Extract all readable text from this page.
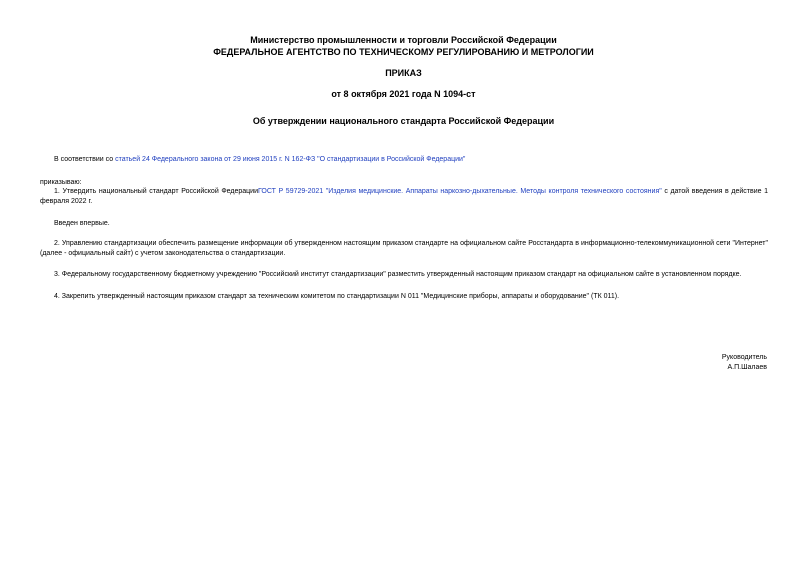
Министерство промышленности и торговли Российской Федерации
ФЕДЕРАЛЬНОЕ АГЕНТСТВО ПО ТЕХНИЧЕСКОМУ РЕГУЛИРОВАНИЮ И МЕТРОЛОГИИ
ПРИКАЗ
от 8 октября 2021 года N 1094-ст
Об утверждении национального стандарта Российской Федерации
В соответствии со статьей 24 Федерального закона от 29 июня 2015 г. N 162-ФЗ "О стандартизации в Российской Федерации"
приказываю:
1. Утвердить национальный стандарт Российской ФедерацииГОСТ Р 59729-2021 "Изделия медицинские. Аппараты наркозно-дыхательные. Методы контроля технического состояния" с датой введения в действие 1 февраля 2022 г.
Введен впервые.
2. Управлению стандартизации обеспечить размещение информации об утвержденном настоящим приказом стандарте на официальном сайте Росстандарта в информационно-телекоммуникационной сети "Интернет" (далее - официальный сайт) с учетом законодательства о стандартизации.
3. Федеральному государственному бюджетному учреждению "Российский институт стандартизации" разместить утвержденный настоящим приказом стандарт на официальном сайте в установленном порядке.
4. Закрепить утвержденный настоящим приказом стандарт за техническим комитетом по стандартизации N 011 "Медицинские приборы, аппараты и оборудование" (ТК 011).
Руководитель
А.П.Шалаев
